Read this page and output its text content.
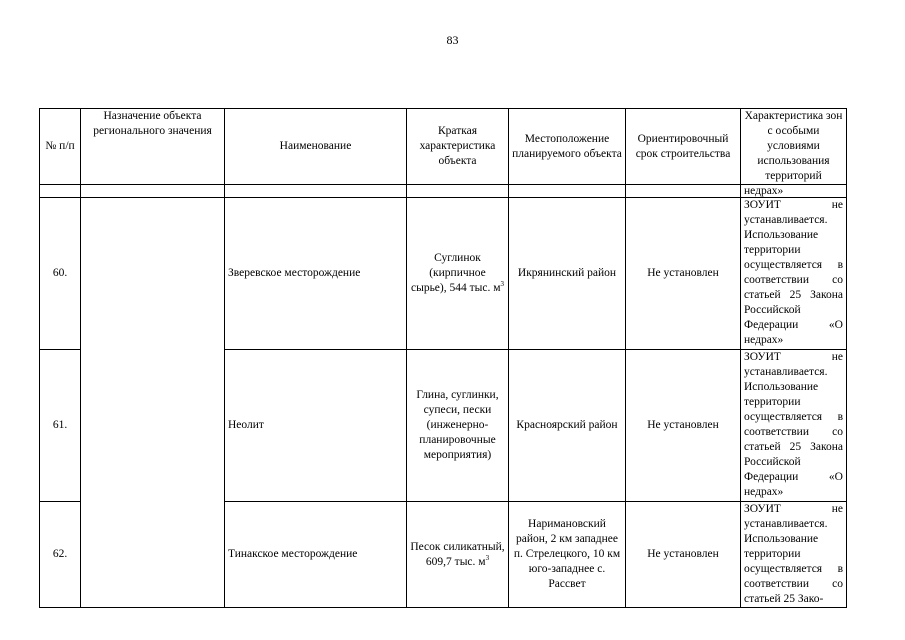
83
№ п/п	Назначение объекта регионального значения	Наименование	Краткая характеристика объекта	Местоположение планируемого объекта	Ориентировочный срок строительства	Характеристика зон с особыми условиями использования территорий
						недрах»
60.		Зверевское месторождение	Суглинок (кирпичное сырье), 544 тыс. $м^3$	Икрянинский район	Не установлен	ЗОУИТ не устанавливается. Использование территории осуществляется в соответствии со статьей 25 Закона Российской Федерации «О недрах»
61.		Неолит	Глина, суглинки, супеси, пески (инженерно-планировочные мероприятия)	Красноярский район	Не установлен	ЗОУИТ не устанавливается. Использование территории осуществляется в соответствии со статьей 25 Закона Российской Федерации «О недрах»
62.		Тинакское месторождение	Песок силикатный, 609,7 тыс. $м^3$	Наримановский район, 2 км западнее п. Стрелецкого, 10 км юго-западнее с. Рассвет	Не установлен	ЗОУИТ не устанавливается. Использование территории осуществляется в соответствии со статьей 25 Зако-
